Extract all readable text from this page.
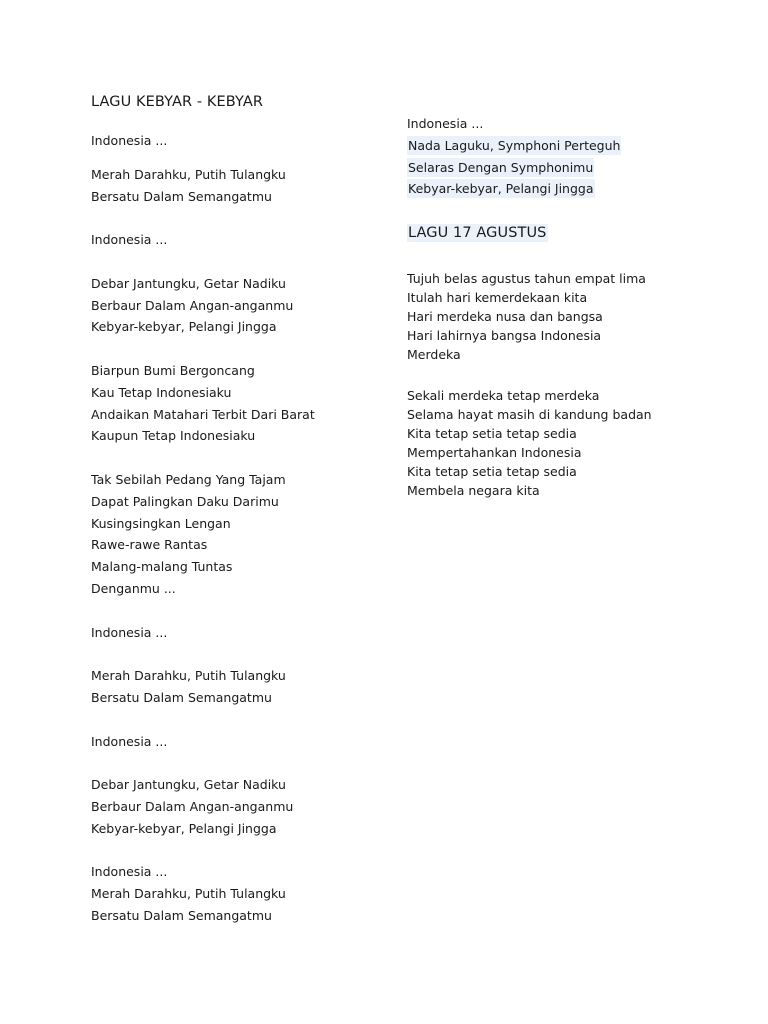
LAGU KEBYAR - KEBYAR
Indonesia ...
Merah Darahku, Putih Tulangku
Bersatu Dalam Semangatmu
Indonesia ...
Debar Jantungku, Getar Nadiku
Berbaur Dalam Angan-anganmu
Kebyar-kebyar, Pelangi Jingga
Biarpun Bumi Bergoncang
Kau Tetap Indonesiaku
Andaikan Matahari Terbit Dari Barat
Kaupun Tetap Indonesiaku
Tak Sebilah Pedang Yang Tajam
Dapat Palingkan Daku Darimu
Kusingsingkan Lengan
Rawe-rawe Rantas
Malang-malang Tuntas
Denganmu ...
Indonesia ...
Merah Darahku, Putih Tulangku
Bersatu Dalam Semangatmu
Indonesia ...
Debar Jantungku, Getar Nadiku
Berbaur Dalam Angan-anganmu
Kebyar-kebyar, Pelangi Jingga
Indonesia ...
Merah Darahku, Putih Tulangku
Bersatu Dalam Semangatmu
Indonesia ...
Nada Laguku, Symphoni Perteguh
Selaras Dengan Symphonimu
Kebyar-kebyar, Pelangi Jingga
LAGU 17 AGUSTUS
Tujuh belas agustus tahun empat lima
Itulah hari kemerdekaan kita
Hari merdeka nusa dan bangsa
Hari lahirnya bangsa Indonesia
Merdeka
Sekali merdeka tetap merdeka
Selama hayat masih di kandung badan
Kita tetap setia tetap sedia
Mempertahankan Indonesia
Kita tetap setia tetap sedia
Membela negara kita
